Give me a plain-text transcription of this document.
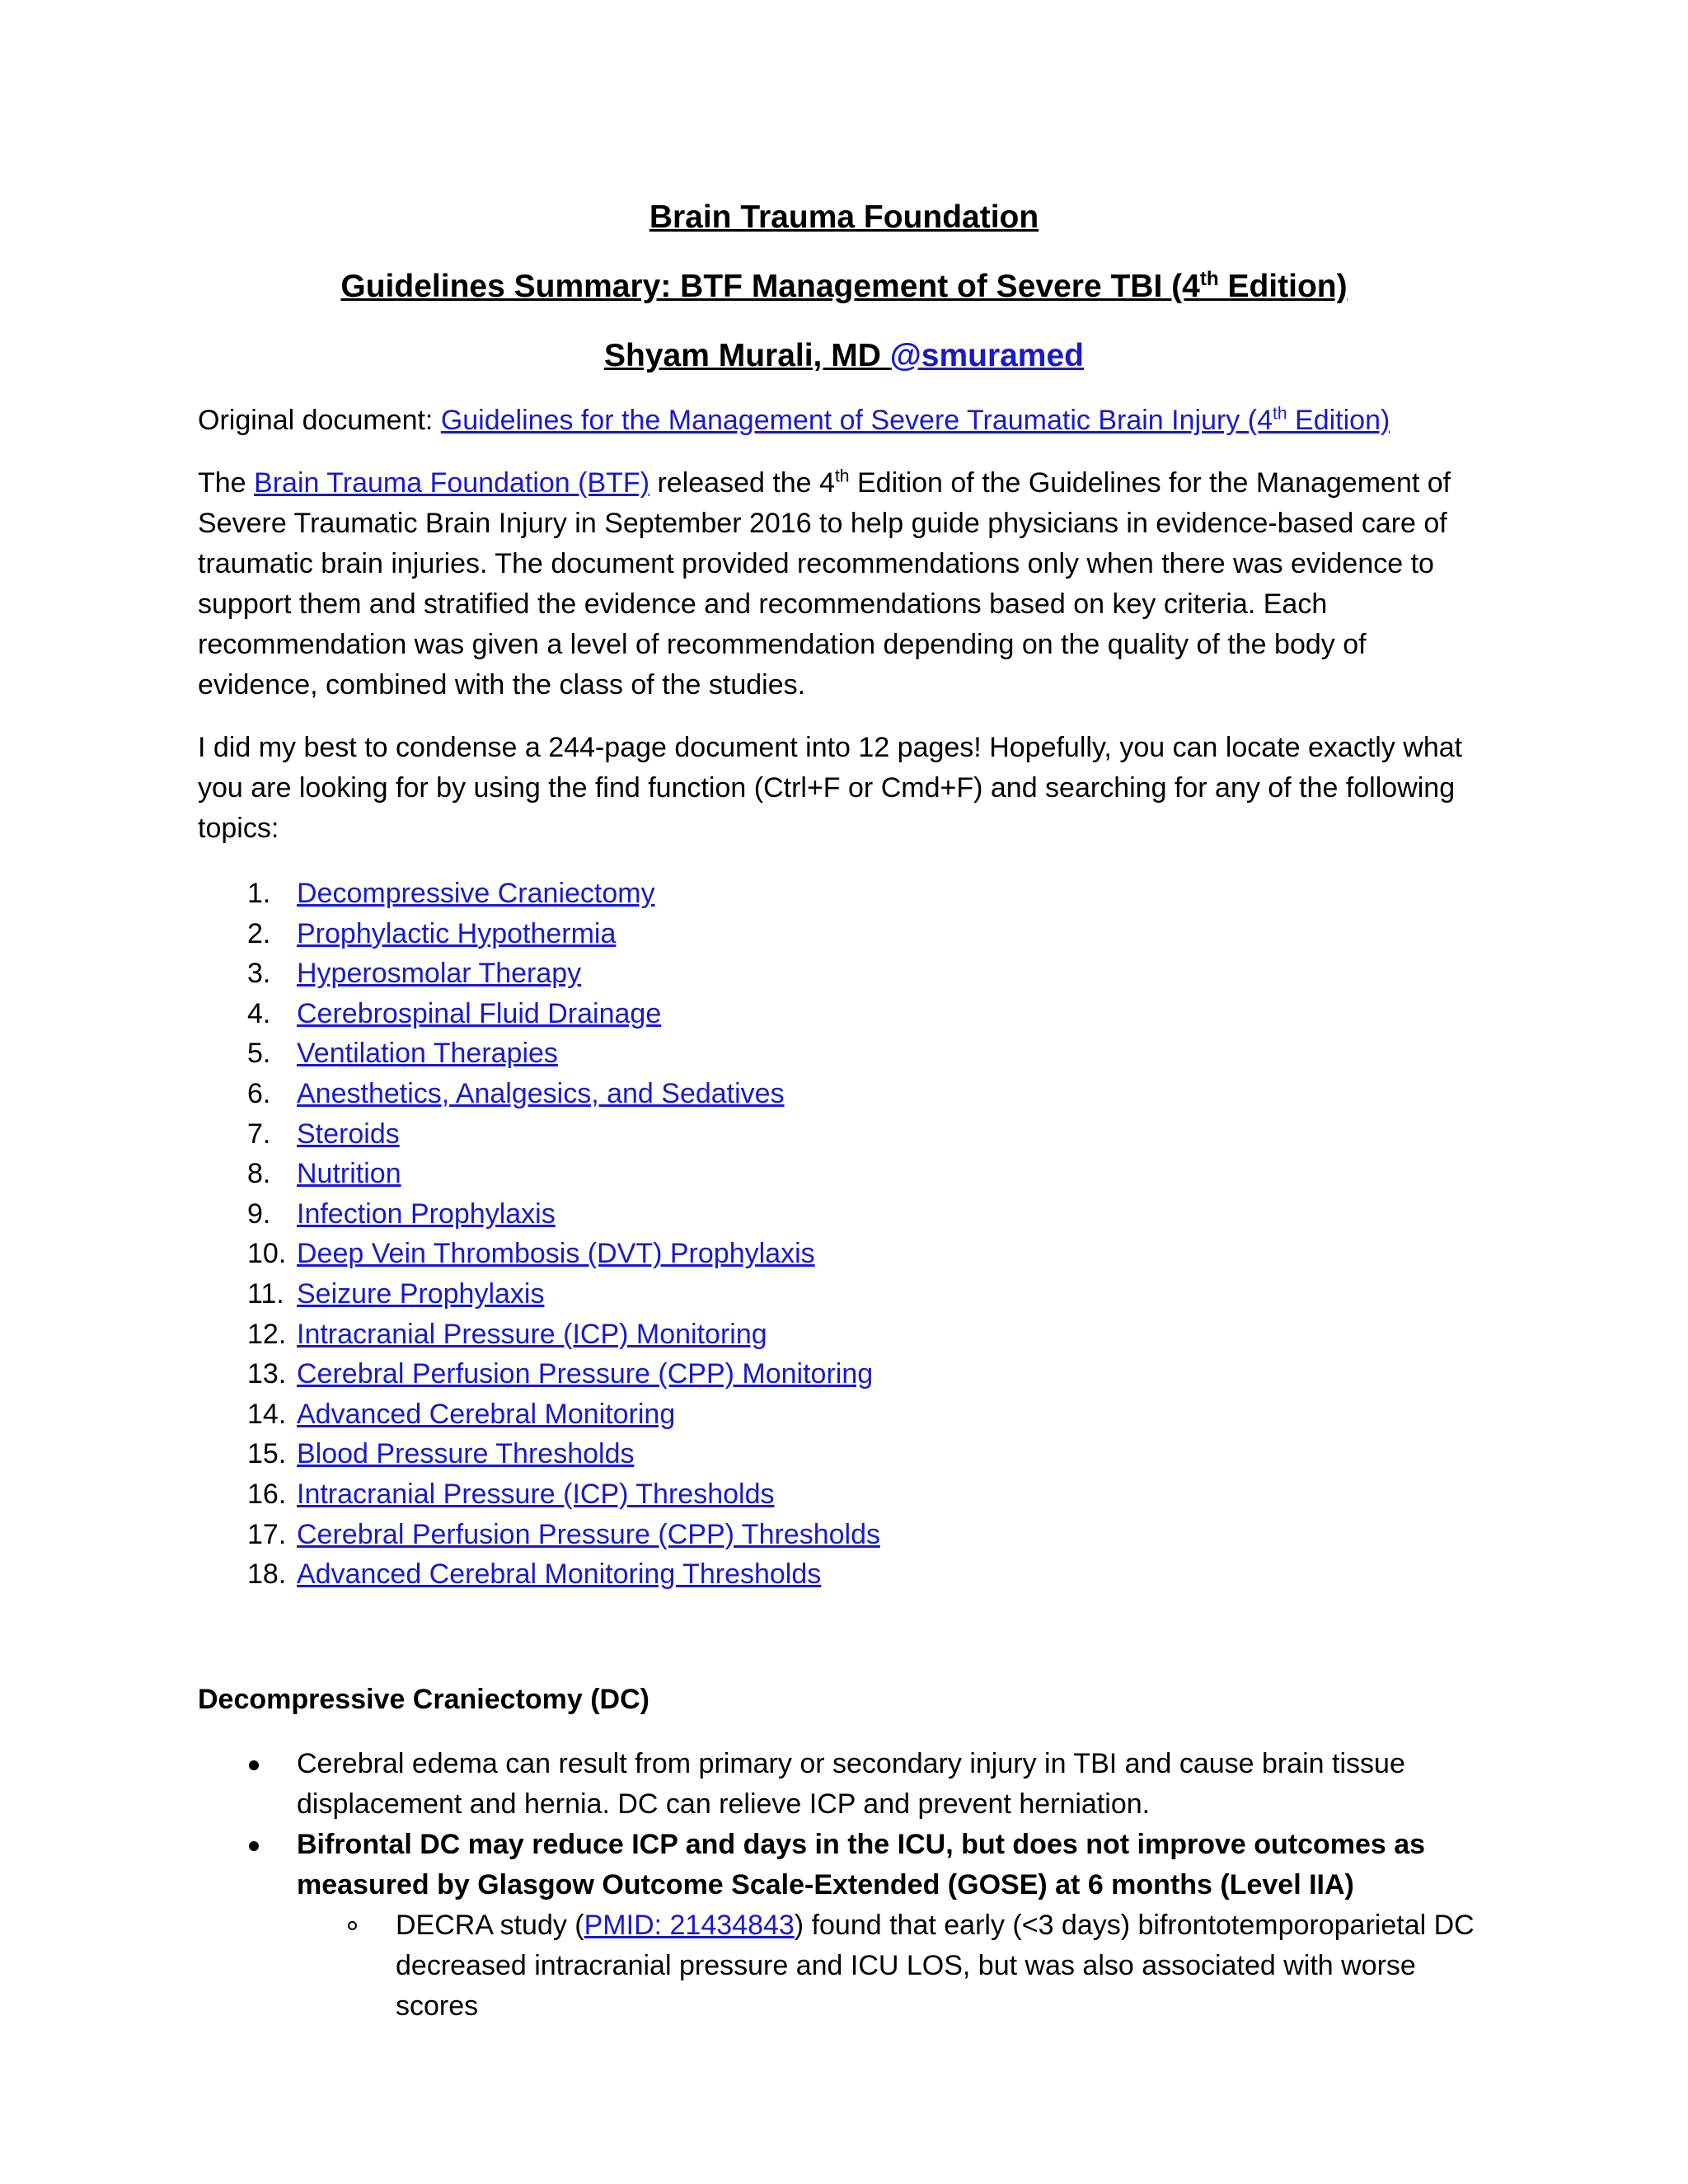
Brain Trauma Foundation
Guidelines Summary: BTF Management of Severe TBI (4th Edition)
Shyam Murali, MD @smuramed

Original document: Guidelines for the Management of Severe Traumatic Brain Injury (4th Edition)

The Brain Trauma Foundation (BTF) released the 4th Edition of the Guidelines for the Management of Severe Traumatic Brain Injury in September 2016 to help guide physicians in evidence-based care of traumatic brain injuries. The document provided recommendations only when there was evidence to support them and stratified the evidence and recommendations based on key criteria. Each recommendation was given a level of recommendation depending on the quality of the body of evidence, combined with the class of the studies.

I did my best to condense a 244-page document into 12 pages! Hopefully, you can locate exactly what you are looking for by using the find function (Ctrl+F or Cmd+F) and searching for any of the following topics:

1. Decompressive Craniectomy
2. Prophylactic Hypothermia
3. Hyperosmolar Therapy
4. Cerebrospinal Fluid Drainage
5. Ventilation Therapies
6. Anesthetics, Analgesics, and Sedatives
7. Steroids
8. Nutrition
9. Infection Prophylaxis
10. Deep Vein Thrombosis (DVT) Prophylaxis
11. Seizure Prophylaxis
12. Intracranial Pressure (ICP) Monitoring
13. Cerebral Perfusion Pressure (CPP) Monitoring
14. Advanced Cerebral Monitoring
15. Blood Pressure Thresholds
16. Intracranial Pressure (ICP) Thresholds
17. Cerebral Perfusion Pressure (CPP) Thresholds
18. Advanced Cerebral Monitoring Thresholds

Decompressive Craniectomy (DC)

Cerebral edema can result from primary or secondary injury in TBI and cause brain tissue displacement and hernia. DC can relieve ICP and prevent herniation.
Bifrontal DC may reduce ICP and days in the ICU, but does not improve outcomes as measured by Glasgow Outcome Scale-Extended (GOSE) at 6 months (Level IIA)
DECRA study (PMID: 21434843) found that early (<3 days) bifrontotemporoparietal DC decreased intracranial pressure and ICU LOS, but was also associated with worse scores
